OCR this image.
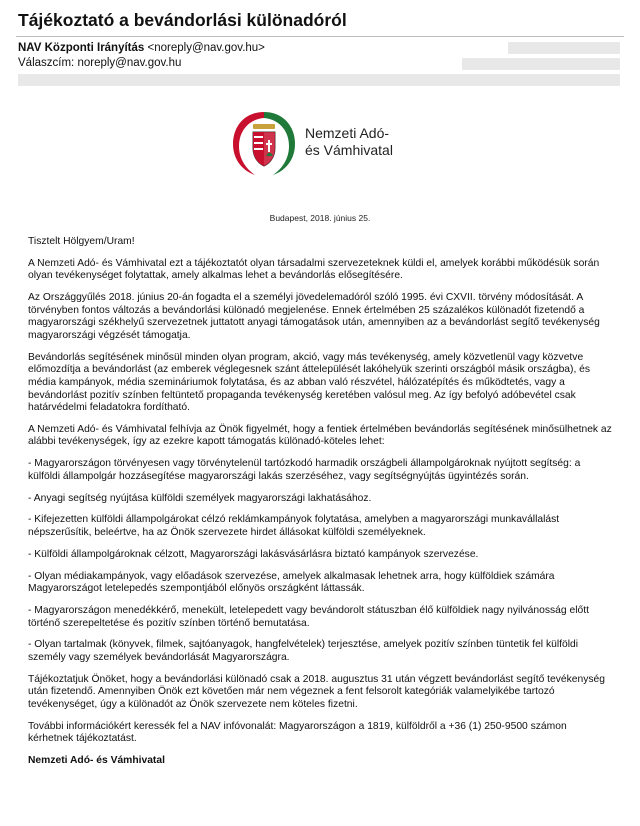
Tájékoztató a bevándorlási különadóról
NAV Központi Irányítás <noreply@nav.gov.hu>
Válaszcím: noreply@nav.gov.hu
Nemzeti Adó-
és Vámhivatal
Budapest, 2018. június 25.

Tisztelt Hölgyem/Uram!

A Nemzeti Adó- és Vámhivatal ezt a tájékoztatót olyan társadalmi szervezeteknek küldi el, amelyek korábbi működésük során olyan tevékenységet folytattak, amely alkalmas lehet a bevándorlás elősegítésére.

Az Országgyűlés 2018. június 20-án fogadta el a személyi jövedelemadóról szóló 1995. évi CXVII. törvény módosítását. A törvényben fontos változás a bevándorlási különadó megjelenése. Ennek értelmében 25 százalékos különadót fizetendő a magyarországi székhelyű szervezetnek juttatott anyagi támogatások után, amennyiben az a bevándorlást segítő tevékenység magyarországi végzését támogatja.

Bevándorlás segítésének minősül minden olyan program, akció, vagy más tevékenység, amely közvetlenül vagy közvetve előmozdítja a bevándorlást (az emberek véglegesnek szánt áttelepülését lakóhelyük szerinti országból másik országba), és média kampányok, média szemináriumok folytatása, és az abban való részvétel, hálózatépítés és működtetés, vagy a bevándorlást pozitív színben feltüntető propaganda tevékenység keretében valósul meg. Az így befolyó adóbevétel csak határvédelmi feladatokra fordítható.

A Nemzeti Adó- és Vámhivatal felhívja az Önök figyelmét, hogy a fentiek értelmében bevándorlás segítésének minősülhetnek az alábbi tevékenységek, így az ezekre kapott támogatás különadó-köteles lehet:

- Magyarországon törvényesen vagy törvénytelenül tartózkodó harmadik országbeli állampolgároknak nyújtott segítség: a külföldi állampolgár hozzásegítése magyarországi lakás szerzéséhez, vagy segítségnyújtás ügyintézés során.

- Anyagi segítség nyújtása külföldi személyek magyarországi lakhatásához.

- Kifejezetten külföldi állampolgárokat célzó reklámkampányok folytatása, amelyben a magyarországi munkavállalást népszerűsítik, beleértve, ha az Önök szervezete hirdet állásokat külföldi személyeknek.

- Külföldi állampolgároknak célzott, Magyarországi lakásvásárlásra biztató kampányok szervezése.

- Olyan médiakampányok, vagy előadások szervezése, amelyek alkalmasak lehetnek arra, hogy külföldiek számára Magyarországot letelepedés szempontjából előnyös országként láttassák.

- Magyarországon menedékkérő, menekült, letelepedett vagy bevándorolt státuszban élő külföldiek nagy nyilvánosság előtt történő szerepeltetése és pozitív színben történő bemutatása.

- Olyan tartalmak (könyvek, filmek, sajtóanyagok, hangfelvételek) terjesztése, amelyek pozitív színben tüntetik fel külföldi személy vagy személyek bevándorlását Magyarországra.

Tájékoztatjuk Önöket, hogy a bevándorlási különadó csak a 2018. augusztus 31 után végzett bevándorlást segítő tevékenység után fizetendő. Amennyiben Önök ezt követően már nem végeznek a fent felsorolt kategóriák valamelyikébe tartozó tevékenységet, úgy a különadót az Önök szervezete nem köteles fizetni.

További információkért keressék fel a NAV infóvonalát: Magyarországon a 1819, külföldről a +36 (1) 250-9500 számon kérhetnek tájékoztatást.

Nemzeti Adó- és Vámhivatal
